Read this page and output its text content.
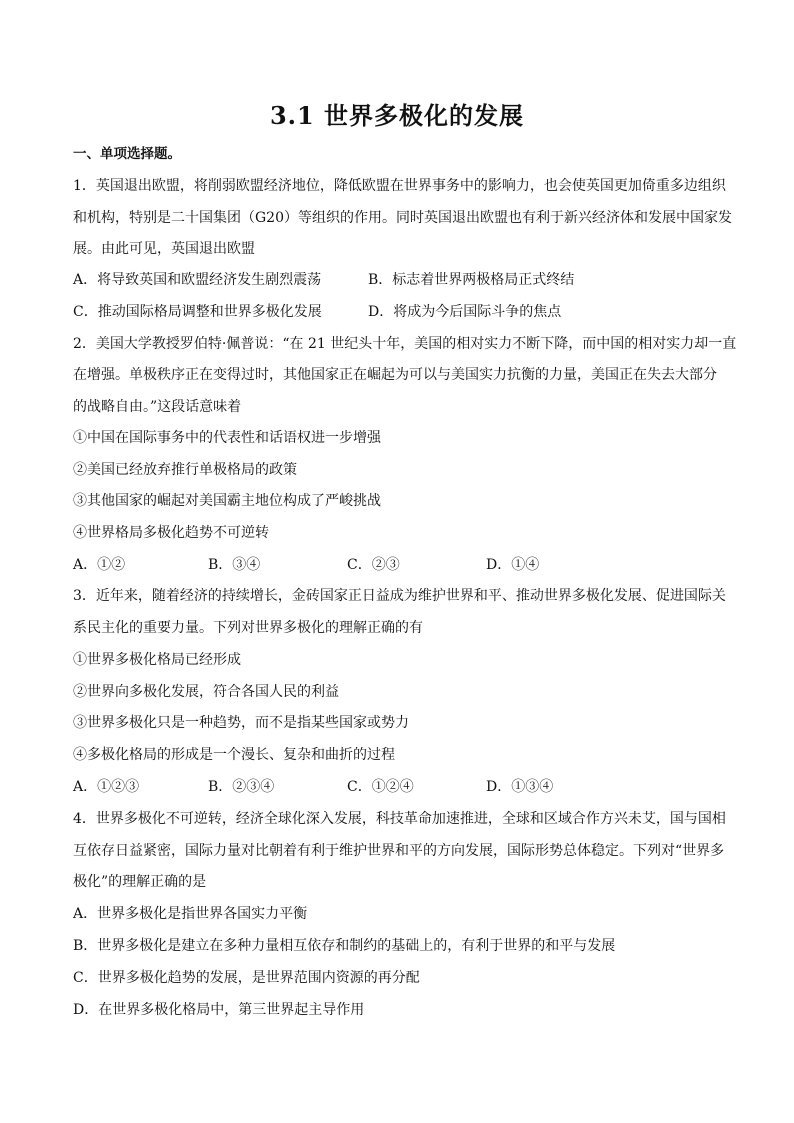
3.1 世界多极化的发展
一、单项选择题。
1．英国退出欧盟，将削弱欧盟经济地位，降低欧盟在世界事务中的影响力，也会使英国更加倚重多边组织
和机构，特别是二十国集团（G20）等组织的作用。同时英国退出欧盟也有利于新兴经济体和发展中国家发
展。由此可见，英国退出欧盟
A．将导致英国和欧盟经济发生剧烈震荡	B．标志着世界两极格局正式终结
C．推动国际格局调整和世界多极化发展	D．将成为今后国际斗争的焦点
2．美国大学教授罗伯特·佩普说：“在 21 世纪头十年，美国的相对实力不断下降，而中国的相对实力却一直
在增强。单极秩序正在变得过时，其他国家正在崛起为可以与美国实力抗衡的力量，美国正在失去大部分
的战略自由。”这段话意味着
①中国在国际事务中的代表性和话语权进一步增强
②美国已经放弃推行单极格局的政策
③其他国家的崛起对美国霸主地位构成了严峻挑战
④世界格局多极化趋势不可逆转
A．①②	B．③④	C．②③	D．①④
3．近年来，随着经济的持续增长，金砖国家正日益成为维护世界和平、推动世界多极化发展、促进国际关
系民主化的重要力量。下列对世界多极化的理解正确的有
①世界多极化格局已经形成
②世界向多极化发展，符合各国人民的利益
③世界多极化只是一种趋势，而不是指某些国家或势力
④多极化格局的形成是一个漫长、复杂和曲折的过程
A．①②③	B．②③④	C．①②④	D．①③④
4．世界多极化不可逆转，经济全球化深入发展，科技革命加速推进，全球和区域合作方兴未艾，国与国相
互依存日益紧密，国际力量对比朝着有利于维护世界和平的方向发展，国际形势总体稳定。下列对“世界多
极化”的理解正确的是
A．世界多极化是指世界各国实力平衡
B．世界多极化是建立在多种力量相互依存和制约的基础上的，有利于世界的和平与发展
C．世界多极化趋势的发展，是世界范围内资源的再分配
D．在世界多极化格局中，第三世界起主导作用
